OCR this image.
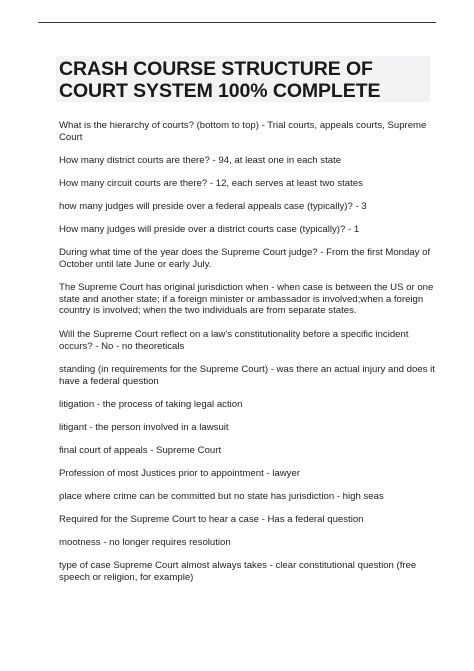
CRASH COURSE STRUCTURE OF
COURT SYSTEM 100% COMPLETE

What is the hierarchy of courts? (bottom to top) - Trial courts, appeals courts, Supreme Court

How many district courts are there? - 94, at least one in each state

How many circuit courts are there? - 12, each serves at least two states

how many judges will preside over a federal appeals case (typically)? - 3

How many judges will preside over a district courts case (typically)? - 1

During what time of the year does the Supreme Court judge? - From the first Monday of October until late June or early July.

The Supreme Court has original jurisdiction when - when case is between the US or one state and another state; if a foreign minister or ambassador is involved;when a foreign country is involved; when the two individuals are from separate states.

Will the Supreme Court reflect on a law's constitutionality before a specific incident occurs? - No - no theoreticals

standing (in requirements for the Supreme Court) - was there an actual injury and does it have a federal question

litigation - the process of taking legal action

litigant - the person involved in a lawsuit

final court of appeals - Supreme Court

Profession of most Justices prior to appointment - lawyer

place where crime can be committed but no state has jurisdiction - high seas

Required for the Supreme Court to hear a case - Has a federal question

mootness - no longer requires resolution

type of case Supreme Court almost always takes - clear constitutional question (free speech or religion, for example)
